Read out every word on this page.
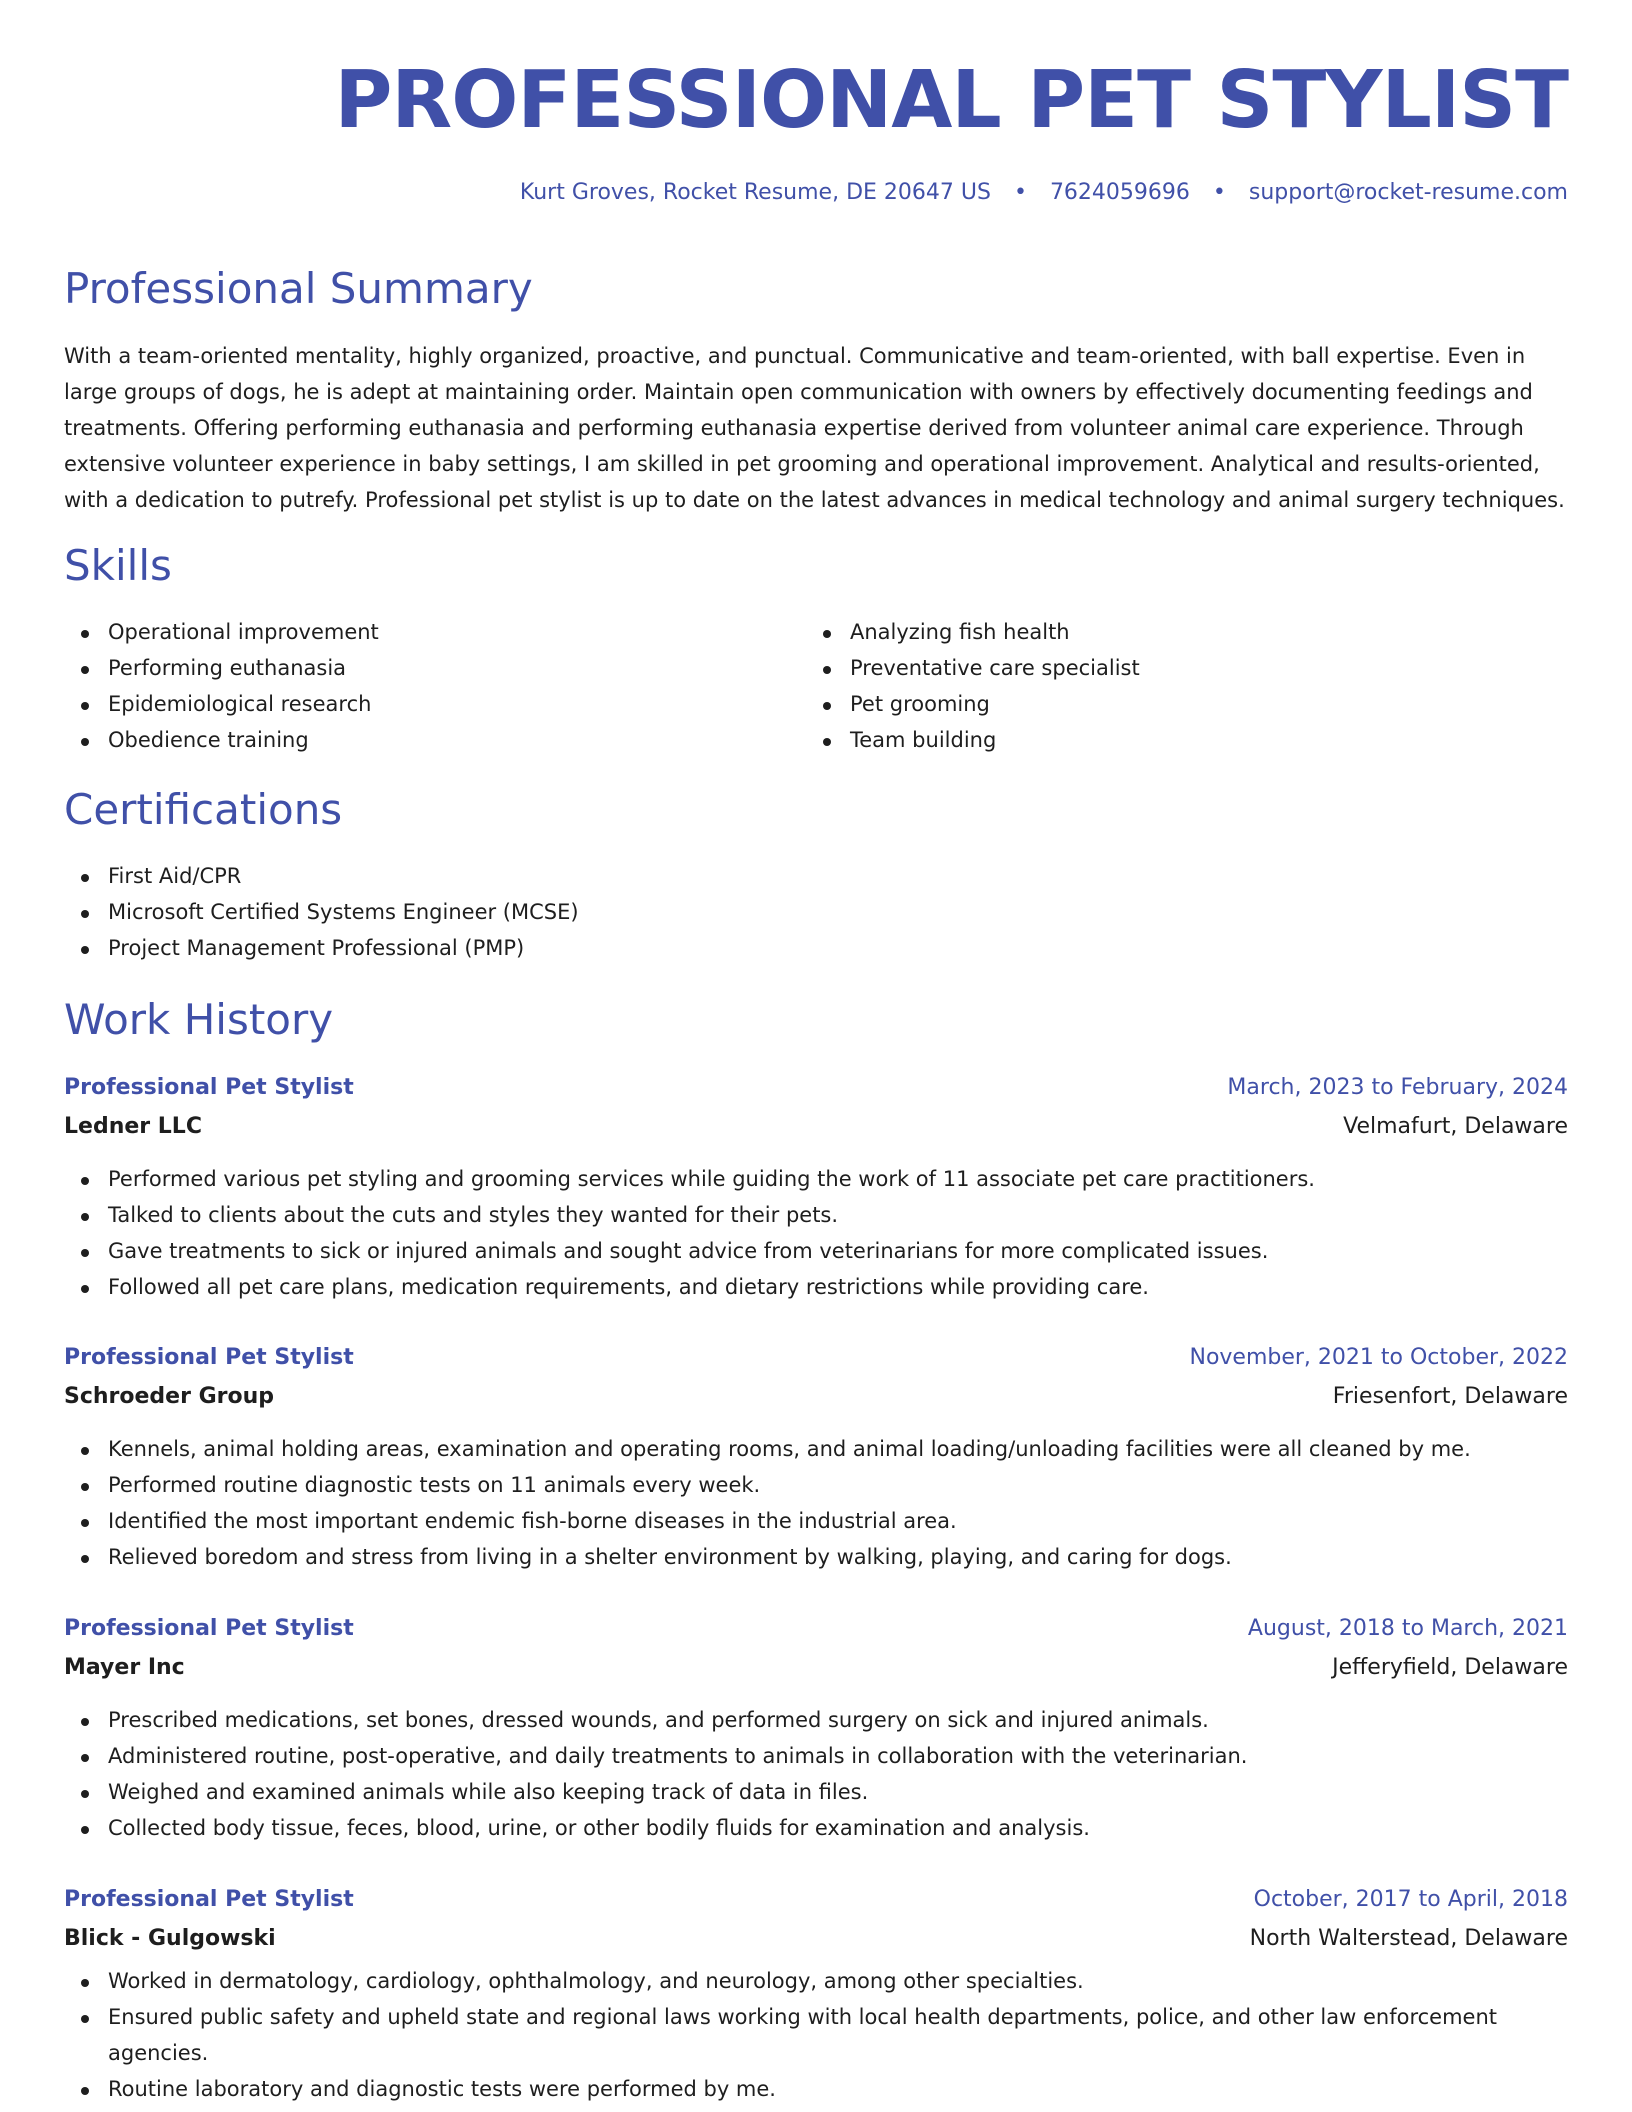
PROFESSIONAL PET STYLIST
Kurt Groves, Rocket Resume, DE 20647 US • 7624059696 • support@rocket-resume.com
Professional Summary
With a team-oriented mentality, highly organized, proactive, and punctual. Communicative and team-oriented, with ball expertise. Even in large groups of dogs, he is adept at maintaining order. Maintain open communication with owners by effectively documenting feedings and treatments. Offering performing euthanasia and performing euthanasia expertise derived from volunteer animal care experience. Through extensive volunteer experience in baby settings, I am skilled in pet grooming and operational improvement. Analytical and results-oriented, with a dedication to putrefy. Professional pet stylist is up to date on the latest advances in medical technology and animal surgery techniques.
Skills
Operational improvement
Performing euthanasia
Epidemiological research
Obedience training
Analyzing fish health
Preventative care specialist
Pet grooming
Team building
Certifications
First Aid/CPR
Microsoft Certified Systems Engineer (MCSE)
Project Management Professional (PMP)
Work History
Professional Pet Stylist	March, 2023 to February, 2024
Ledner LLC	Velmafurt, Delaware
Performed various pet styling and grooming services while guiding the work of 11 associate pet care practitioners.
Talked to clients about the cuts and styles they wanted for their pets.
Gave treatments to sick or injured animals and sought advice from veterinarians for more complicated issues.
Followed all pet care plans, medication requirements, and dietary restrictions while providing care.
Professional Pet Stylist	November, 2021 to October, 2022
Schroeder Group	Friesenfort, Delaware
Kennels, animal holding areas, examination and operating rooms, and animal loading/unloading facilities were all cleaned by me.
Performed routine diagnostic tests on 11 animals every week.
Identified the most important endemic fish-borne diseases in the industrial area.
Relieved boredom and stress from living in a shelter environment by walking, playing, and caring for dogs.
Professional Pet Stylist	August, 2018 to March, 2021
Mayer Inc	Jefferyfield, Delaware
Prescribed medications, set bones, dressed wounds, and performed surgery on sick and injured animals.
Administered routine, post-operative, and daily treatments to animals in collaboration with the veterinarian.
Weighed and examined animals while also keeping track of data in files.
Collected body tissue, feces, blood, urine, or other bodily fluids for examination and analysis.
Professional Pet Stylist	October, 2017 to April, 2018
Blick - Gulgowski	North Walterstead, Delaware
Worked in dermatology, cardiology, ophthalmology, and neurology, among other specialties.
Ensured public safety and upheld state and regional laws working with local health departments, police, and other law enforcement agencies.
Routine laboratory and diagnostic tests were performed by me.
